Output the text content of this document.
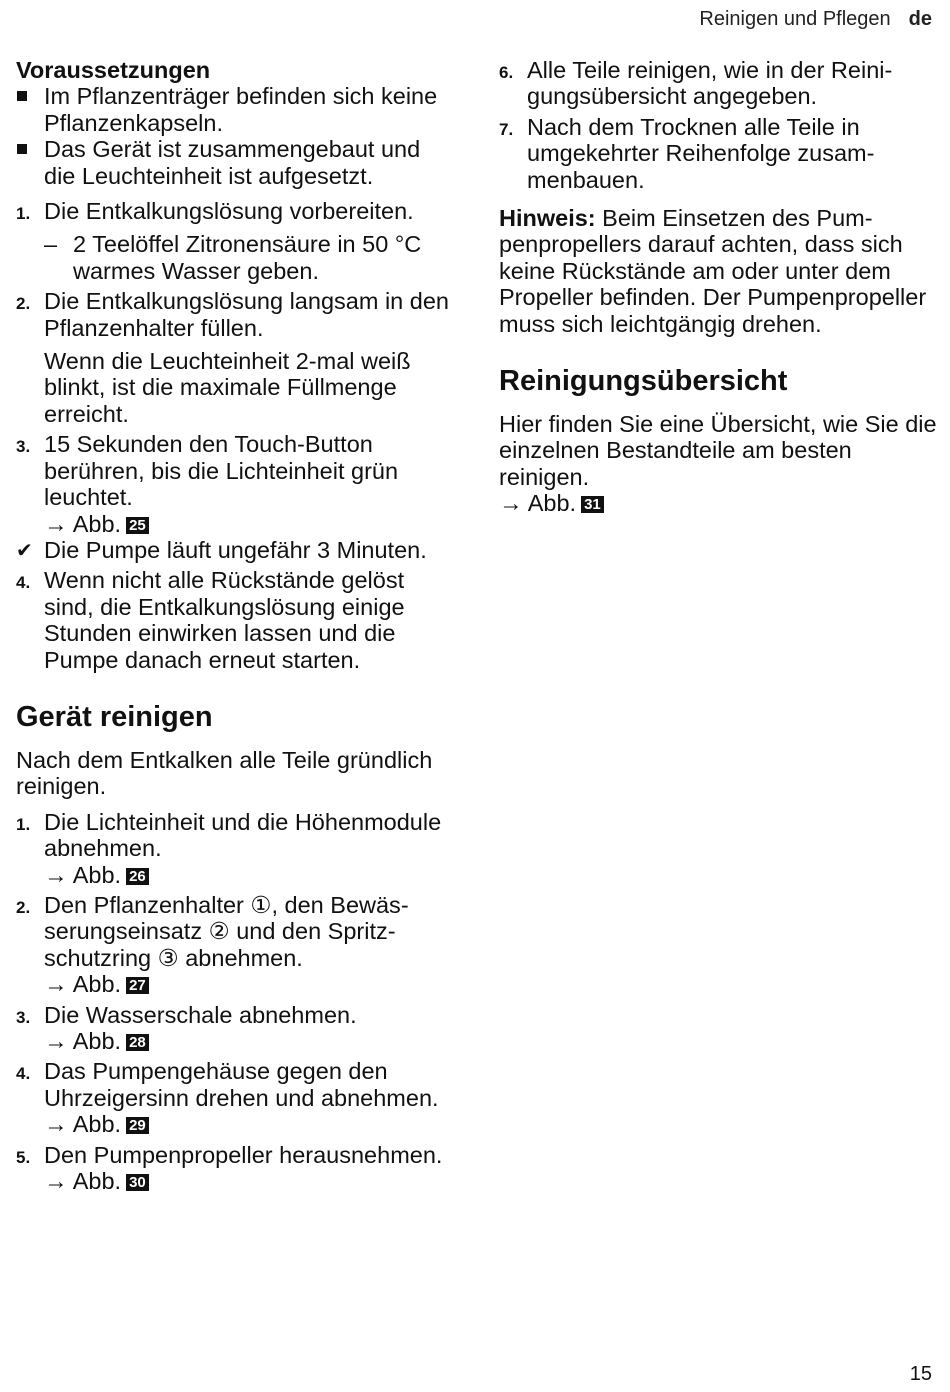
Reinigen und Pflegen de
Voraussetzungen
Im Pflanzenträger befinden sich keine Pflanzenkapseln.
Das Gerät ist zusammengebaut und die Leuchteinheit ist aufgesetzt.
1. Die Entkalkungslösung vorbereiten.
– 2 Teelöffel Zitronensäure in 50 °C warmes Wasser geben.
2. Die Entkalkungslösung langsam in den Pflanzenhalter füllen.
Wenn die Leuchteinheit 2-mal weiß blinkt, ist die maximale Füllmenge erreicht.
3. 15 Sekunden den Touch-Button berühren, bis die Lichteinheit grün leuchtet.
→ Abb. 25
✔ Die Pumpe läuft ungefähr 3 Minuten.
4. Wenn nicht alle Rückstände gelöst sind, die Entkalkungslösung einige Stunden einwirken lassen und die Pumpe danach erneut starten.
Gerät reinigen
Nach dem Entkalken alle Teile gründlich reinigen.
1. Die Lichteinheit und die Höhenmodule abnehmen.
→ Abb. 26
2. Den Pflanzenhalter ①, den Bewässerungseinsatz ② und den Spritzschutzring ③ abnehmen.
→ Abb. 27
3. Die Wasserschale abnehmen.
→ Abb. 28
4. Das Pumpengehäuse gegen den Uhrzeigersinn drehen und abnehmen.
→ Abb. 29
5. Den Pumpenpropeller herausnehmen.
→ Abb. 30
6. Alle Teile reinigen, wie in der Reinigungsübersicht angegeben.
7. Nach dem Trocknen alle Teile in umgekehrter Reihenfolge zusammenbauen.
Hinweis: Beim Einsetzen des Pumpenpropellers darauf achten, dass sich keine Rückstände am oder unter dem Propeller befinden. Der Pumpenpropeller muss sich leichtgängig drehen.
Reinigungsübersicht
Hier finden Sie eine Übersicht, wie Sie die einzelnen Bestandteile am besten reinigen.
→ Abb. 31
15
